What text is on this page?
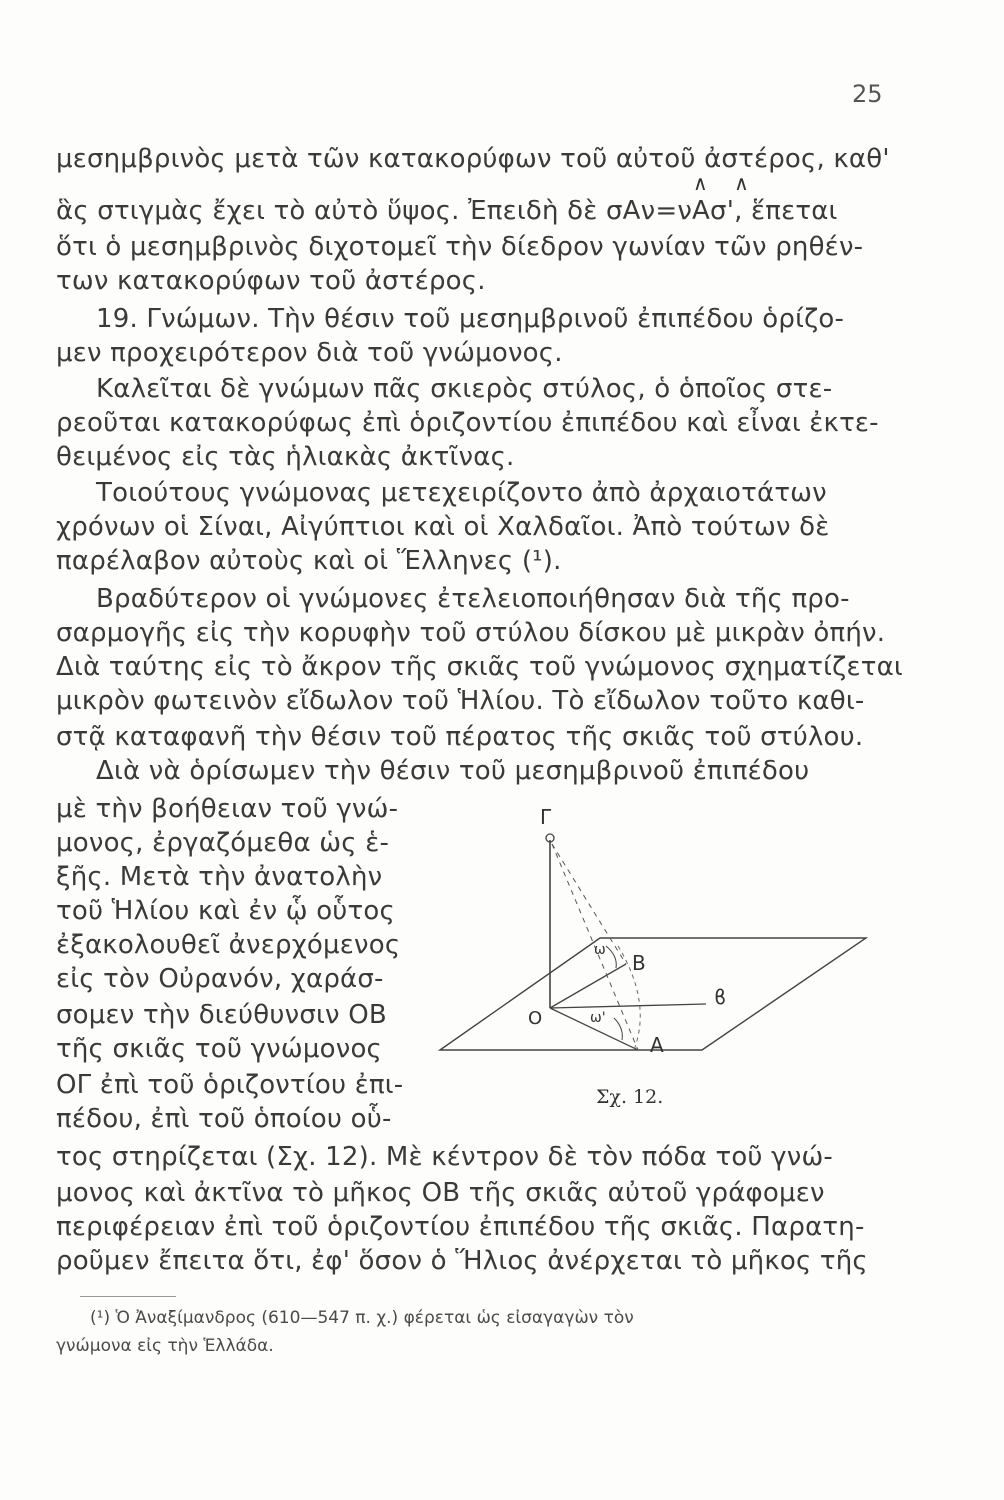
25
μεσημβρινὸς μετὰ τῶν κατακορύφων τοῦ αὐτοῦ ἀστέρος, καθ'
∧    ∧
ἃς στιγμὰς ἔχει τὸ αὐτὸ ὕψος. Ἐπειδὴ δὲ σΑν=νΑσ', ἕπεται
ὅτι ὁ μεσημβρινὸς διχοτομεῖ τὴν δίεδρον γωνίαν τῶν ρηθέν-
των κατακορύφων τοῦ ἀστέρος.
19. Γνώμων. Τὴν θέσιν τοῦ μεσημβρινοῦ ἐπιπέδου ὁρίζο-
μεν προχειρότερον διὰ τοῦ γνώμονος.
Καλεῖται δὲ γνώμων πᾶς σκιερὸς στύλος, ὁ ὁποῖος στε-
ρεοῦται κατακορύφως ἐπὶ ὁριζοντίου ἐπιπέδου καὶ εἶναι ἐκτε-
θειμένος εἰς τὰς ἡλιακὰς ἀκτῖνας.
Τοιούτους γνώμονας μετεχειρίζοντο ἀπὸ ἀρχαιοτάτων
χρόνων οἱ Σίναι, Αἰγύπτιοι καὶ οἱ Χαλδαῖοι. Ἀπὸ τούτων δὲ
παρέλαβον αὐτοὺς καὶ οἱ Ἕλληνες (¹).
Βραδύτερον οἱ γνώμονες ἐτελειοποιήθησαν διὰ τῆς προ-
σαρμογῆς εἰς τὴν κορυφὴν τοῦ στύλου δίσκου μὲ μικρὰν ὀπήν.
Διὰ ταύτης εἰς τὸ ἄκρον τῆς σκιᾶς τοῦ γνώμονος σχηματίζεται
μικρὸν φωτεινὸν εἴδωλον τοῦ Ἡλίου. Τὸ εἴδωλον τοῦτο καθι-
στᾷ καταφανῆ τὴν θέσιν τοῦ πέρατος τῆς σκιᾶς τοῦ στύλου.
Διὰ νὰ ὁρίσωμεν τὴν θέσιν τοῦ μεσημβρινοῦ ἐπιπέδου
μὲ τὴν βοήθειαν τοῦ γνώ-
μονος, ἐργαζόμεθα ὡς ἑ-
ξῆς. Μετὰ τὴν ἀνατολὴν
τοῦ Ἡλίου καὶ ἐν ᾧ οὗτος
ἐξακολουθεῖ ἀνερχόμενος
εἰς τὸν Οὐρανόν, χαράσ-
σομεν τὴν διεύθυνσιν ΟΒ
τῆς σκιᾶς τοῦ γνώμονος
ΟΓ ἐπὶ τοῦ ὁριζοντίου ἐπι-
πέδου, ἐπὶ τοῦ ὁποίου οὗ-
τος στηρίζεται (Σχ. 12). Μὲ κέντρον δὲ τὸν πόδα τοῦ γνώ-
μονος καὶ ἀκτῖνα τὸ μῆκος ΟΒ τῆς σκιᾶς αὐτοῦ γράφομεν
περιφέρειαν ἐπὶ τοῦ ὁριζοντίου ἐπιπέδου τῆς σκιᾶς. Παρατη-
ροῦμεν ἔπειτα ὅτι, ἐφ' ὅσον ὁ Ἥλιος ἀνέρχεται τὸ μῆκος τῆς
Γ
ω
B
O
ϐ
ω'
A
Σχ. 12.
(¹) Ὁ Ἀναξίμανδρος (610—547 π. χ.) φέρεται ὡς εἰσαγαγὼν τὸν
γνώμονα εἰς τὴν Ἑλλάδα.
